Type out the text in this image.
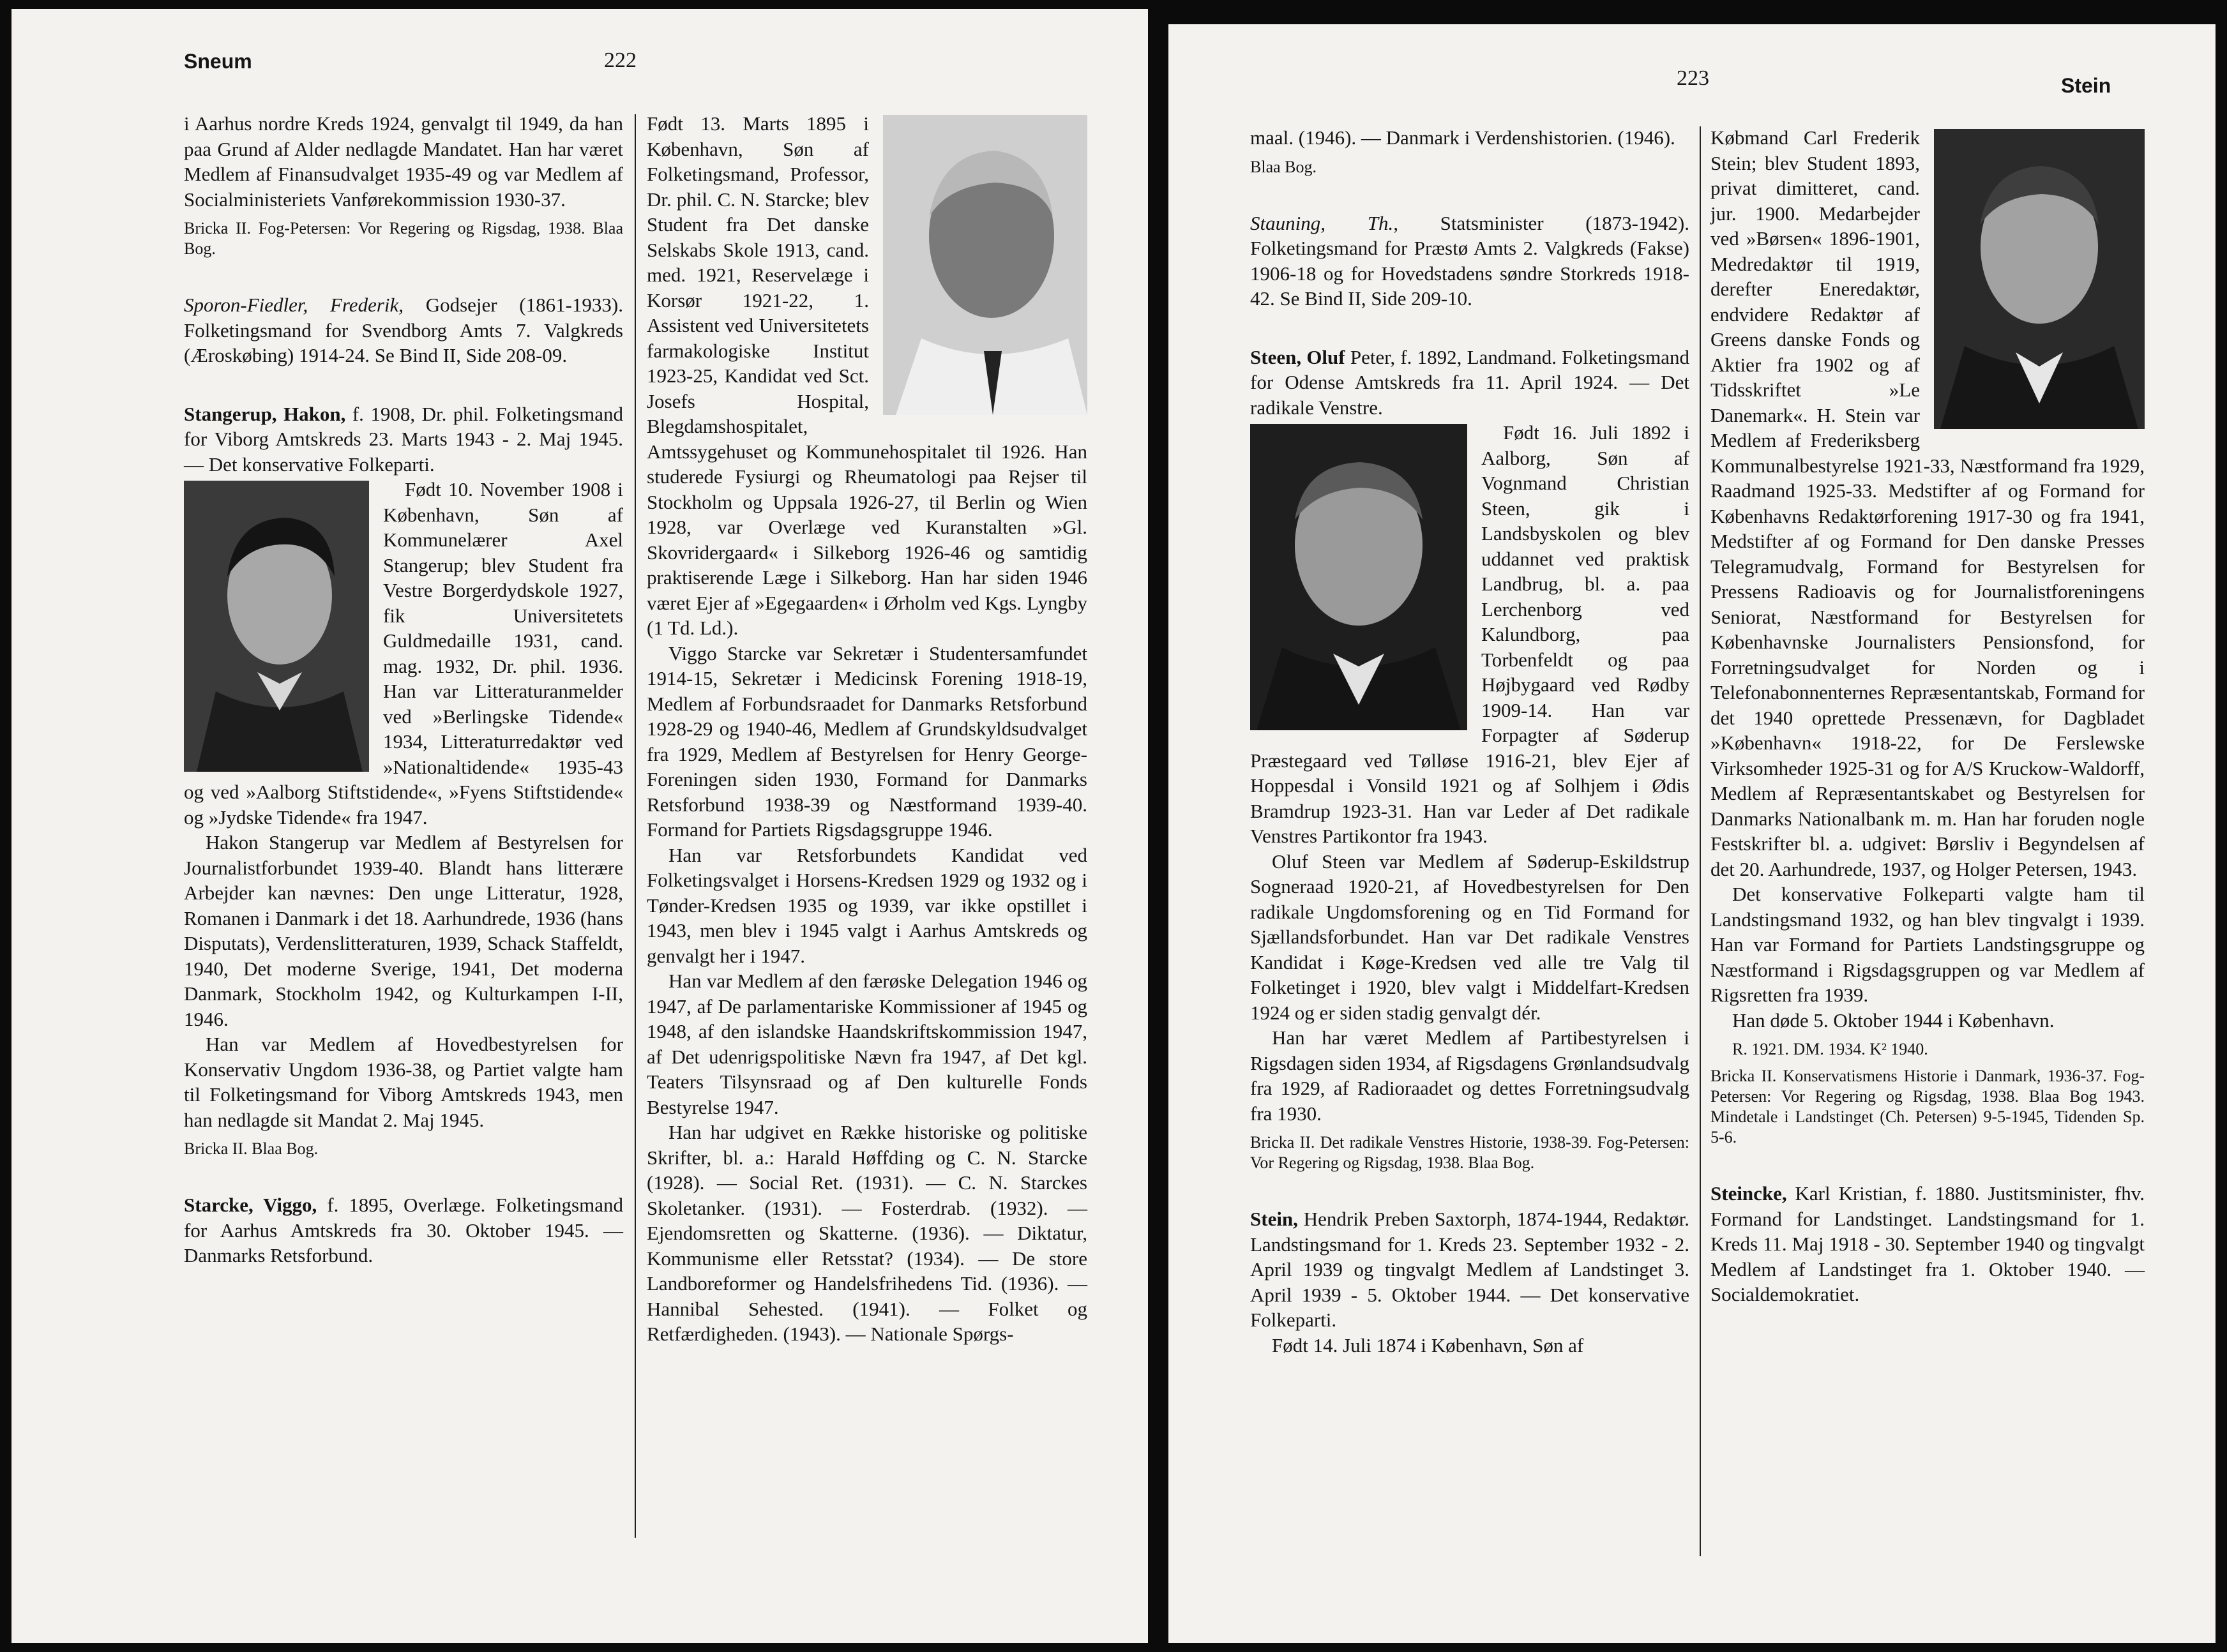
Sneum	222

i Aarhus nordre Kreds 1924, genvalgt til 1949, da han paa Grund af Alder nedlagde Mandatet. Han har været Medlem af Finansudvalget 1935-49 og var Medlem af Socialministeriets Vanførekommission 1930-37.

Bricka II. Fog-Petersen: Vor Regering og Rigsdag, 1938. Blaa Bog.

Sporon-Fiedler, Frederik, Godsejer (1861-1933). Folketingsmand for Svendborg Amts 7. Valgkreds (Æroskøbing) 1914-24. Se Bind II, Side 208-09.

Stangerup, Hakon, f. 1908, Dr. phil. Folketingsmand for Viborg Amtskreds 23. Marts 1943 - 2. Maj 1945. — Det konservative Folkeparti.

Født 10. November 1908 i København, Søn af Kommunelærer Axel Stangerup; blev Student fra Vestre Borgerdydskole 1927, fik Universitetets Guldmedaille 1931, cand. mag. 1932, Dr. phil. 1936. Han var Litteraturanmelder ved »Berlingske Tidende« 1934, Litteraturredaktør ved »Nationaltidende« 1935-43 og ved »Aalborg Stiftstidende«, »Fyens Stiftstidende« og »Jydske Tidende« fra 1947.

Hakon Stangerup var Medlem af Bestyrelsen for Journalistforbundet 1939-40. Blandt hans litterære Arbejder kan nævnes: Den unge Litteratur, 1928, Romanen i Danmark i det 18. Aarhundrede, 1936 (hans Disputats), Verdenslitteraturen, 1939, Schack Staffeldt, 1940, Det moderne Sverige, 1941, Det moderna Danmark, Stockholm 1942, og Kulturkampen I-II, 1946.

Han var Medlem af Hovedbestyrelsen for Konservativ Ungdom 1936-38, og Partiet valgte ham til Folketingsmand for Viborg Amtskreds 1943, men han nedlagde sit Mandat 2. Maj 1945.

Bricka II. Blaa Bog.

Starcke, Viggo, f. 1895, Overlæge. Folketingsmand for Aarhus Amtskreds fra 30. Oktober 1945. — Danmarks Retsforbund.

Født 13. Marts 1895 i København, Søn af Folketingsmand, Professor, Dr. phil. C. N. Starcke; blev Student fra Det danske Selskabs Skole 1913, cand. med. 1921, Reservelæge i Korsør 1921-22, 1. Assistent ved Universitetets farmakologiske Institut 1923-25, Kandidat ved Sct. Josefs Hospital, Blegdamshospitalet, Amtssygehuset og Kommunehospitalet til 1926. Han studerede Fysiurgi og Rheumatologi paa Rejser til Stockholm og Uppsala 1926-27, til Berlin og Wien 1928, var Overlæge ved Kuranstalten »Gl. Skovridergaard« i Silkeborg 1926-46 og samtidig praktiserende Læge i Silkeborg. Han har siden 1946 været Ejer af »Egegaarden« i Ørholm ved Kgs. Lyngby (1 Td. Ld.).

Viggo Starcke var Sekretær i Studentersamfundet 1914-15, Sekretær i Medicinsk Forening 1918-19, Medlem af Forbundsraadet for Danmarks Retsforbund 1928-29 og 1940-46, Medlem af Grundskyldsudvalget fra 1929, Medlem af Bestyrelsen for Henry George-Foreningen siden 1930, Formand for Danmarks Retsforbund 1938-39 og Næstformand 1939-40. Formand for Partiets Rigsdagsgruppe 1946.

Han var Retsforbundets Kandidat ved Folketingsvalget i Horsens-Kredsen 1929 og 1932 og i Tønder-Kredsen 1935 og 1939, var ikke opstillet i 1943, men blev i 1945 valgt i Aarhus Amtskreds og genvalgt her i 1947.

Han var Medlem af den færøske Delegation 1946 og 1947, af De parlamentariske Kommissioner af 1945 og 1948, af den islandske Haandskriftskommission 1947, af Det udenrigspolitiske Nævn fra 1947, af Det kgl. Teaters Tilsynsraad og af Den kulturelle Fonds Bestyrelse 1947.

Han har udgivet en Række historiske og politiske Skrifter, bl. a.: Harald Høffding og C. N. Starcke (1928). — Social Ret. (1931). — C. N. Starckes Skoletanker. (1931). — Fosterdrab. (1932). — Ejendomsretten og Skatterne. (1936). — Diktatur, Kommunisme eller Retsstat? (1934). — De store Landboreformer og Handelsfrihedens Tid. (1936). — Hannibal Sehested. (1941). — Folket og Retfærdigheden. (1943). — Nationale Spørgs-

223	Stein

maal. (1946). — Danmark i Verdenshistorien. (1946).

Blaa Bog.

Stauning, Th., Statsminister (1873-1942). Folketingsmand for Præstø Amts 2. Valgkreds (Fakse) 1906-18 og for Hovedstadens søndre Storkreds 1918-42. Se Bind II, Side 209-10.

Steen, Oluf Peter, f. 1892, Landmand. Folketingsmand for Odense Amtskreds fra 11. April 1924. — Det radikale Venstre.

Født 16. Juli 1892 i Aalborg, Søn af Vognmand Christian Steen, gik i Landsbyskolen og blev uddannet ved praktisk Landbrug, bl. a. paa Lerchenborg ved Kalundborg, paa Torbenfeldt og paa Højbygaard ved Rødby 1909-14. Han var Forpagter af Søderup Præstegaard ved Tølløse 1916-21, blev Ejer af Hoppesdal i Vonsild 1921 og af Solhjem i Ødis Bramdrup 1923-31. Han var Leder af Det radikale Venstres Partikontor fra 1943.

Oluf Steen var Medlem af Søderup-Eskildstrup Sogneraad 1920-21, af Hovedbestyrelsen for Den radikale Ungdomsforening og en Tid Formand for Sjællandsforbundet. Han var Det radikale Venstres Kandidat i Køge-Kredsen ved alle tre Valg til Folketinget i 1920, blev valgt i Middelfart-Kredsen 1924 og er siden stadig genvalgt dér.

Han har været Medlem af Partibestyrelsen i Rigsdagen siden 1934, af Rigsdagens Grønlandsudvalg fra 1929, af Radioraadet og dettes Forretningsudvalg fra 1930.

Bricka II. Det radikale Venstres Historie, 1938-39. Fog-Petersen: Vor Regering og Rigsdag, 1938. Blaa Bog.

Stein, Hendrik Preben Saxtorph, 1874-1944, Redaktør. Landstingsmand for 1. Kreds 23. September 1932 - 2. April 1939 og tingvalgt Medlem af Landstinget 3. April 1939 - 5. Oktober 1944. — Det konservative Folkeparti.

Født 14. Juli 1874 i København, Søn af

Købmand Carl Frederik Stein; blev Student 1893, privat dimitteret, cand. jur. 1900. Medarbejder ved »Børsen« 1896-1901, Medredaktør til 1919, derefter Eneredaktør, endvidere Redaktør af Greens danske Fonds og Aktier fra 1902 og af Tidsskriftet »Le Danemark«. H. Stein var Medlem af Frederiksberg Kommunalbestyrelse 1921-33, Næstformand fra 1929, Raadmand 1925-33. Medstifter af og Formand for Københavns Redaktørforening 1917-30 og fra 1941, Medstifter af og Formand for Den danske Presses Telegramudvalg, Formand for Bestyrelsen for Pressens Radioavis og for Journalistforeningens Seniorat, Næstformand for Bestyrelsen for Københavnske Journalisters Pensionsfond, for Forretningsudvalget for Norden og i Telefonabonnenternes Repræsentantskab, Formand for det 1940 oprettede Pressenævn, for Dagbladet »København« 1918-22, for De Ferslewske Virksomheder 1925-31 og for A/S Kruckow-Waldorff, Medlem af Repræsentantskabet og Bestyrelsen for Danmarks Nationalbank m. m. Han har foruden nogle Festskrifter bl. a. udgivet: Børsliv i Begyndelsen af det 20. Aarhundrede, 1937, og Holger Petersen, 1943.

Det konservative Folkeparti valgte ham til Landstingsmand 1932, og han blev tingvalgt i 1939. Han var Formand for Partiets Landstingsgruppe og Næstformand i Rigsdagsgruppen og var Medlem af Rigsretten fra 1939.

Han døde 5. Oktober 1944 i København.

R. 1921. DM. 1934. K² 1940.

Bricka II. Konservatismens Historie i Danmark, 1936-37. Fog-Petersen: Vor Regering og Rigsdag, 1938. Blaa Bog 1943. Mindetale i Landstinget (Ch. Petersen) 9-5-1945, Tidenden Sp. 5-6.

Steincke, Karl Kristian, f. 1880. Justitsminister, fhv. Formand for Landstinget. Landstingsmand for 1. Kreds 11. Maj 1918 - 30. September 1940 og tingvalgt Medlem af Landstinget fra 1. Oktober 1940. — Socialdemokratiet.
